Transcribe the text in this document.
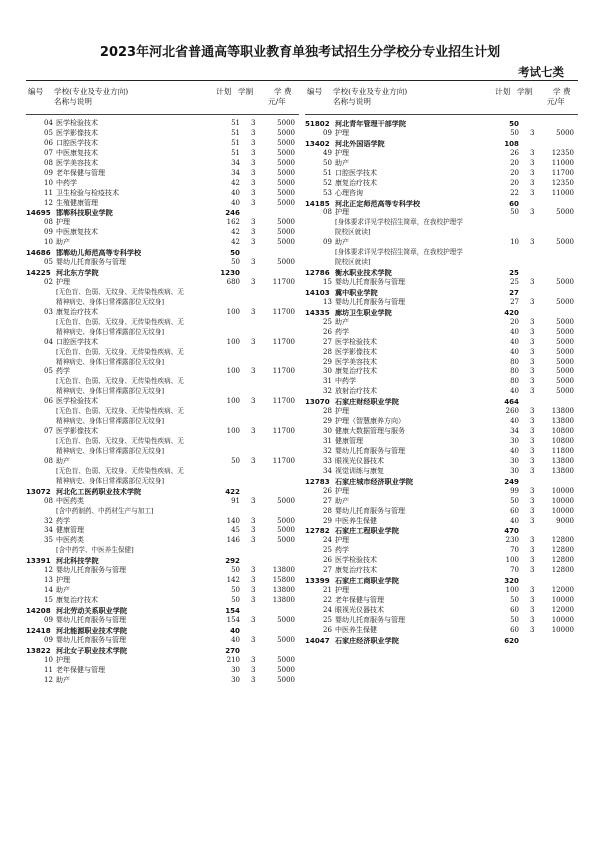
2023年河北省普通高等职业教育单独考试招生分学校分专业招生计划
考试七类
编号 学校(专业及专业方向)
名称与说明
计划 学制	学 费
元/年
04 医学检验技术	51 3	5000
05 医学影像技术	51 3	5000
06 口腔医学技术	51 3	5000
07 中医康复技术	51 3	5000
08 医学美容技术	34 3	5000
09 老年保健与管理	34 3	5000
10 中药学	42 3	5000
11 卫生检验与检疫技术	40 3	5000
12 生殖健康管理	40 3	5000
14695 邯郸科技职业学院	246
08 护理	162 3	5000
09 中医康复技术	42 3	5000
10 助产	42 3	5000
14686 邯郸幼儿师范高等专科学校	50
05 婴幼儿托育服务与管理	50 3	5000
14225 河北东方学院	1230
02 护理	680 3 11700
[无色盲、色弱、无纹身、无传染性疾病、无
精神病史、身体日常裸露部位无纹身]
03 康复治疗技术	100 3 11700
[无色盲、色弱、无纹身、无传染性疾病、无
精神病史、身体日常裸露部位无纹身]
04 口腔医学技术	100 3 11700
[无色盲、色弱、无纹身、无传染性疾病、无
精神病史、身体日常裸露部位无纹身]
05 药学	100 3 11700
[无色盲、色弱、无纹身、无传染性疾病、无
精神病史、身体日常裸露部位无纹身]
06 医学检验技术	100 3 11700
[无色盲、色弱、无纹身、无传染性疾病、无
精神病史、身体日常裸露部位无纹身]
07 医学影像技术	100 3 11700
[无色盲、色弱、无纹身、无传染性疾病、无
精神病史、身体日常裸露部位无纹身]
08 助产	50 3 11700
[无色盲、色弱、无纹身、无传染性疾病、无
精神病史、身体日常裸露部位无纹身]
13072 河北化工医药职业技术学院	422
08 中医药类	91 3	5000
[含中药制药、中药材生产与加工]
32 药学	140 3	5000
34 健康管理	45 3	5000
35 中医药类	146 3	5000
[含中药学、中医养生保健]
13391 河北科技学院	292
12 婴幼儿托育服务与管理	50 3 13800
13 护理	142 3 15800
14 助产	50 3 13800
15 康复治疗技术	50 3 13800
14208 河北劳动关系职业学院	154
09 婴幼儿托育服务与管理	154 3	5000
12418 河北能源职业技术学院	40
09 婴幼儿托育服务与管理	40 3	5000
13822 河北女子职业技术学院	270
10 护理	210 3	5000
11 老年保健与管理	30 3	5000
12 助产	30 3	5000
编号 学校(专业及专业方向)
名称与说明
计划 学制	学 费
元/年
51802 河北青年管理干部学院	50
09 护理	50 3	5000
13402 河北外国语学院	108
49 护理	26 3 12350
50 助产	20 3 11000
51 口腔医学技术	20 3 11700
52 康复治疗技术	20 3 12350
53 心理咨询	22 3 11000
14185 河北正定师范高等专科学校	60
08 护理	50 3	5000
[身体要求详见学校招生简章，在我校护理学
院校区就读]
09 助产	10 3	5000
[身体要求详见学校招生简章，在我校护理学
院校区就读]
12786 衡水职业技术学院	25
15 婴幼儿托育服务与管理	25 3	5000
14103 冀中职业学院	27
13 婴幼儿托育服务与管理	27 3	5000
14335 廊坊卫生职业学院	420
25 助产	20 3	5000
26 药学	40 3	5000
27 医学检验技术	40 3	5000
28 医学影像技术	40 3	5000
29 医学美容技术	80 3	5000
30 康复治疗技术	80 3	5000
31 中药学	80 3	5000
32 放射治疗技术	40 3	5000
13070 石家庄财经职业学院	464
28 护理	260 3 13800
29 护理（智慧康养方向）	40 3 13800
30 健康大数据管理与服务	34 3 10800
31 健康管理	30 3 10800
32 婴幼儿托育服务与管理	40 3 11800
33 眼视光仪器技术	30 3 13800
34 视觉训练与康复	30 3 13800
12783 石家庄城市经济职业学院	249
26 护理	99 3 10000
27 助产	50 3 10000
28 婴幼儿托育服务与管理	60 3 10000
29 中医养生保健	40 3	9000
12782 石家庄工程职业学院	470
24 护理	230 3 12800
25 药学	70 3 12800
26 医学检验技术	100 3 12800
27 康复治疗技术	70 3 12800
13399 石家庄工商职业学院	320
21 护理	100 3 12000
22 老年保健与管理	50 3 10000
24 眼视光仪器技术	60 3 12000
25 婴幼儿托育服务与管理	50 3 10000
26 中医养生保健	60 3 10000
14047 石家庄经济职业学院	620
